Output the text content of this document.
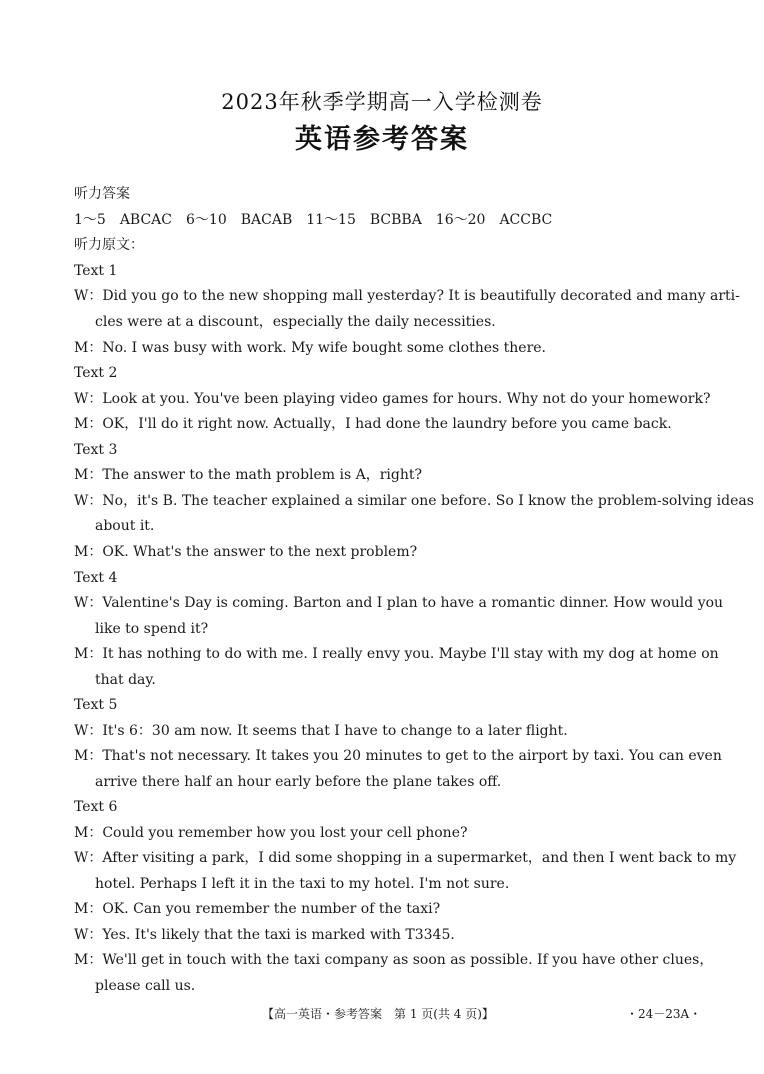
2023年秋季学期高一入学检测卷
英语参考答案
听力答案
1～5　ABCAC　6～10　BACAB　11～15　BCBBA　16～20　ACCBC
听力原文：
Text 1
W：Did you go to the new shopping mall yesterday? It is beautifully decorated and many arti-
cles were at a discount，especially the daily necessities.
M：No. I was busy with work. My wife bought some clothes there.
Text 2
W：Look at you. You've been playing video games for hours. Why not do your homework?
M：OK，I'll do it right now. Actually，I had done the laundry before you came back.
Text 3
M：The answer to the math problem is A，right?
W：No，it's B. The teacher explained a similar one before. So I know the problem-solving ideas
about it.
M：OK. What's the answer to the next problem?
Text 4
W：Valentine's Day is coming. Barton and I plan to have a romantic dinner. How would you
like to spend it?
M：It has nothing to do with me. I really envy you. Maybe I'll stay with my dog at home on
that day.
Text 5
W：It's 6：30 am now. It seems that I have to change to a later flight.
M：That's not necessary. It takes you 20 minutes to get to the airport by taxi. You can even
arrive there half an hour early before the plane takes off.
Text 6
M：Could you remember how you lost your cell phone?
W：After visiting a park，I did some shopping in a supermarket，and then I went back to my
hotel. Perhaps I left it in the taxi to my hotel. I'm not sure.
M：OK. Can you remember the number of the taxi?
W：Yes. It's likely that the taxi is marked with T3345.
M：We'll get in touch with the taxi company as soon as possible. If you have other clues，
please call us.
【高一英语・参考答案　第 1 页(共 4 页)】	・24－23A・
